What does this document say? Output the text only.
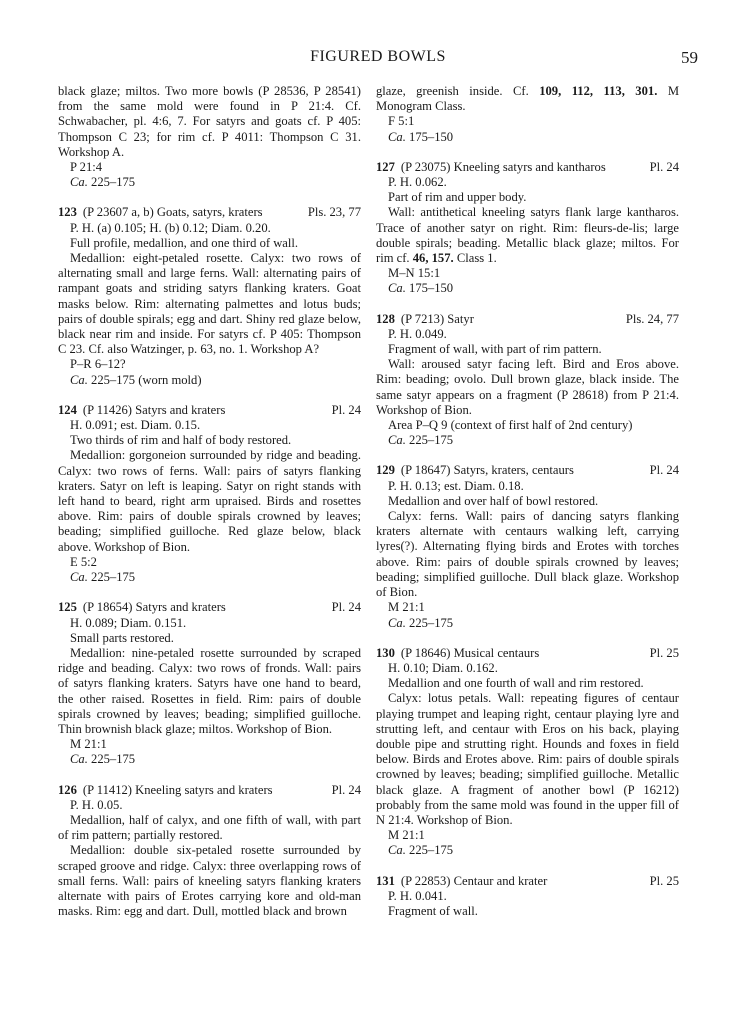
FIGURED BOWLS	59

black glaze; miltos. Two more bowls (P 28536, P 28541) from the same mold were found in P 21:4. Cf. Schwabacher, pl. 4:6, 7. For satyrs and goats cf. P 405: Thompson C 23; for rim cf. P 4011: Thompson C 31. Workshop A.

P 21:4

Ca. 225–175

123 (P 23607 a, b) Goats, satyrs, kraters	Pls. 23, 77

P. H. (a) 0.105; H. (b) 0.12; Diam. 0.20.

Full profile, medallion, and one third of wall.

Medallion: eight-petaled rosette. Calyx: two rows of alternating small and large ferns. Wall: alternating pairs of rampant goats and striding satyrs flanking kraters. Goat masks below. Rim: alternating palmettes and lotus buds; pairs of double spirals; egg and dart. Shiny red glaze below, black near rim and inside. For satyrs cf. P 405: Thompson C 23. Cf. also Watzinger, p. 63, no. 1. Workshop A?

P–R 6–12?

Ca. 225–175 (worn mold)

124 (P 11426) Satyrs and kraters	Pl. 24

H. 0.091; est. Diam. 0.15.

Two thirds of rim and half of body restored.

Medallion: gorgoneion surrounded by ridge and beading. Calyx: two rows of ferns. Wall: pairs of satyrs flanking kraters. Satyr on left is leaping. Satyr on right stands with left hand to beard, right arm upraised. Birds and rosettes above. Rim: pairs of double spirals crowned by leaves; beading; simplified guilloche. Red glaze below, black above. Workshop of Bion.

E 5:2

Ca. 225–175

125 (P 18654) Satyrs and kraters	Pl. 24

H. 0.089; Diam. 0.151.

Small parts restored.

Medallion: nine-petaled rosette surrounded by scraped ridge and beading. Calyx: two rows of fronds. Wall: pairs of satyrs flanking kraters. Satyrs have one hand to beard, the other raised. Rosettes in field. Rim: pairs of double spirals crowned by leaves; beading; simplified guilloche. Thin brownish black glaze; miltos. Workshop of Bion.

M 21:1

Ca. 225–175

126 (P 11412) Kneeling satyrs and kraters	Pl. 24

P. H. 0.05.

Medallion, half of calyx, and one fifth of wall, with part of rim pattern; partially restored.

Medallion: double six-petaled rosette surrounded by scraped groove and ridge. Calyx: three overlapping rows of small ferns. Wall: pairs of kneeling satyrs flanking kraters alternate with pairs of Erotes carrying kore and old-man masks. Rim: egg and dart. Dull, mottled black and brown

glaze, greenish inside. Cf. 109, 112, 113, 301. M Monogram Class.

F 5:1

Ca. 175–150

127 (P 23075) Kneeling satyrs and kantharos	Pl. 24

P. H. 0.062.

Part of rim and upper body.

Wall: antithetical kneeling satyrs flank large kantharos. Trace of another satyr on right. Rim: fleurs-de-lis; large double spirals; beading. Metallic black glaze; miltos. For rim cf. 46, 157. Class 1.

M–N 15:1

Ca. 175–150

128 (P 7213) Satyr	Pls. 24, 77

P. H. 0.049.

Fragment of wall, with part of rim pattern.

Wall: aroused satyr facing left. Bird and Eros above. Rim: beading; ovolo. Dull brown glaze, black inside. The same satyr appears on a fragment (P 28618) from P 21:4. Workshop of Bion.

Area P–Q 9 (context of first half of 2nd century)

Ca. 225–175

129 (P 18647) Satyrs, kraters, centaurs	Pl. 24

P. H. 0.13; est. Diam. 0.18.

Medallion and over half of bowl restored.

Calyx: ferns. Wall: pairs of dancing satyrs flanking kraters alternate with centaurs walking left, carrying lyres(?). Alternating flying birds and Erotes with torches above. Rim: pairs of double spirals crowned by leaves; beading; simplified guilloche. Dull black glaze. Workshop of Bion.

M 21:1

Ca. 225–175

130 (P 18646) Musical centaurs	Pl. 25

H. 0.10; Diam. 0.162.

Medallion and one fourth of wall and rim restored.

Calyx: lotus petals. Wall: repeating figures of centaur playing trumpet and leaping right, centaur playing lyre and strutting left, and centaur with Eros on his back, playing double pipe and strutting right. Hounds and foxes in field below. Birds and Erotes above. Rim: pairs of double spirals crowned by leaves; beading; simplified guilloche. Metallic black glaze. A fragment of another bowl (P 16212) probably from the same mold was found in the upper fill of N 21:4. Workshop of Bion.

M 21:1

Ca. 225–175

131 (P 22853) Centaur and krater	Pl. 25

P. H. 0.041.

Fragment of wall.
